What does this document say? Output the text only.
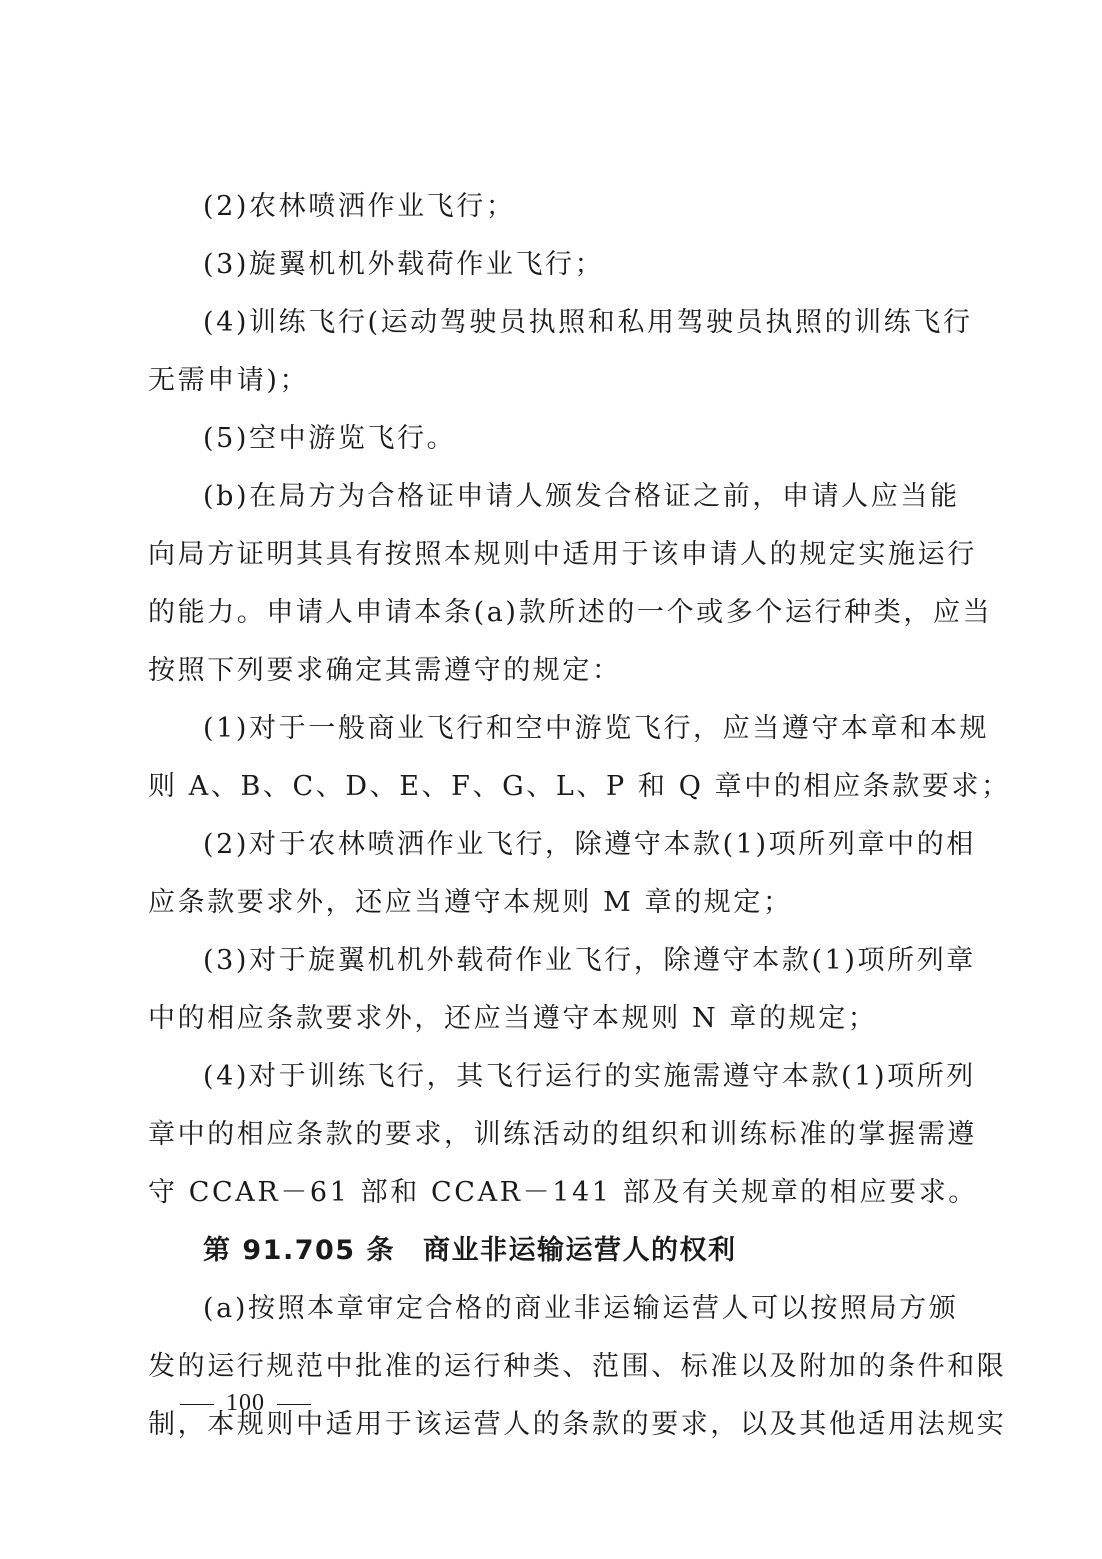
(2)农林喷洒作业飞行；
(3)旋翼机机外载荷作业飞行；
(4)训练飞行(运动驾驶员执照和私用驾驶员执照的训练飞行
无需申请)；
(5)空中游览飞行。
(b)在局方为合格证申请人颁发合格证之前，申请人应当能
向局方证明其具有按照本规则中适用于该申请人的规定实施运行
的能力。申请人申请本条(a)款所述的一个或多个运行种类，应当
按照下列要求确定其需遵守的规定：
(1)对于一般商业飞行和空中游览飞行，应当遵守本章和本规
则 A、B、C、D、E、F、G、L、P 和 Q 章中的相应条款要求；
(2)对于农林喷洒作业飞行，除遵守本款(1)项所列章中的相
应条款要求外，还应当遵守本规则 M 章的规定；
(3)对于旋翼机机外载荷作业飞行，除遵守本款(1)项所列章
中的相应条款要求外，还应当遵守本规则 N 章的规定；
(4)对于训练飞行，其飞行运行的实施需遵守本款(1)项所列
章中的相应条款的要求，训练活动的组织和训练标准的掌握需遵
守 CCAR－61 部和 CCAR－141 部及有关规章的相应要求。
第 91.705 条 商业非运输运营人的权利
(a)按照本章审定合格的商业非运输运营人可以按照局方颁
发的运行规范中批准的运行种类、范围、标准以及附加的条件和限
制，本规则中适用于该运营人的条款的要求，以及其他适用法规实
100
